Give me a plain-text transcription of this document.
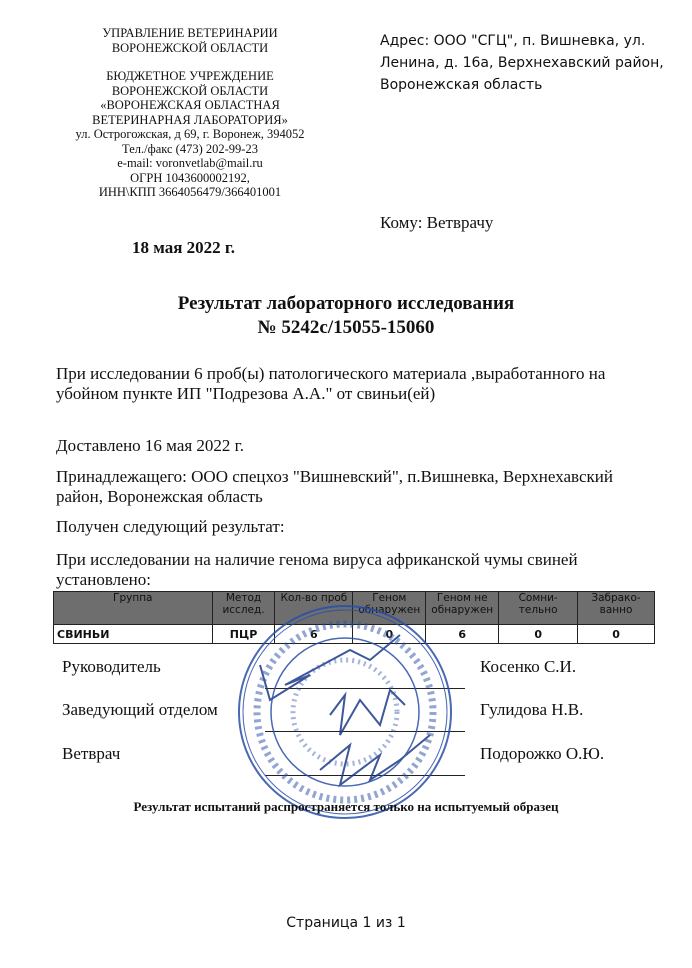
УПРАВЛЕНИЕ ВЕТЕРИНАРИИ
ВОРОНЕЖСКОЙ ОБЛАСТИ
БЮДЖЕТНОЕ УЧРЕЖДЕНИЕ
ВОРОНЕЖСКОЙ ОБЛАСТИ
«ВОРОНЕЖСКАЯ ОБЛАСТНАЯ
ВЕТЕРИНАРНАЯ ЛАБОРАТОРИЯ»
ул. Острогожская, д 69, г. Воронеж, 394052
Тел./факс (473) 202-99-23
e-mail: voronvetlab@mail.ru
ОГРН 1043600002192,
ИНН\КПП 3664056479/366401001
Адрес: ООО "СГЦ", п. Вишневка, ул. Ленина, д. 16а, Верхнехавский район, Воронежская область
Кому: Ветврачу
18 мая 2022 г.
Результат лабораторного исследования
№ 5242с/15055-15060
При исследовании 6 проб(ы) патологического материала ,выработанного на убойном пункте ИП "Подрезова А.А." от свиньи(ей)
Доставлено 16 мая 2022 г.
Принадлежащего: ООО спецхоз "Вишневский", п.Вишневка, Верхнехавский район, Воронежская область
Получен следующий результат:
При исследовании на наличие генома вируса африканской чумы свиней установлено:
Группа	Метод исслед.	Кол-во проб	Геном обнаружен	Геном не обнаружен	Сомни-тельно	Забрако-ванно
СВИНЬИ	ПЦР	6	0	6	0	0
Руководитель	Косенко С.И.
Заведующий отделом	Гулидова Н.В.
Ветврач	Подорожко О.Ю.
Результат испытаний распространяется только на испытуемый образец
Страница 1 из 1
